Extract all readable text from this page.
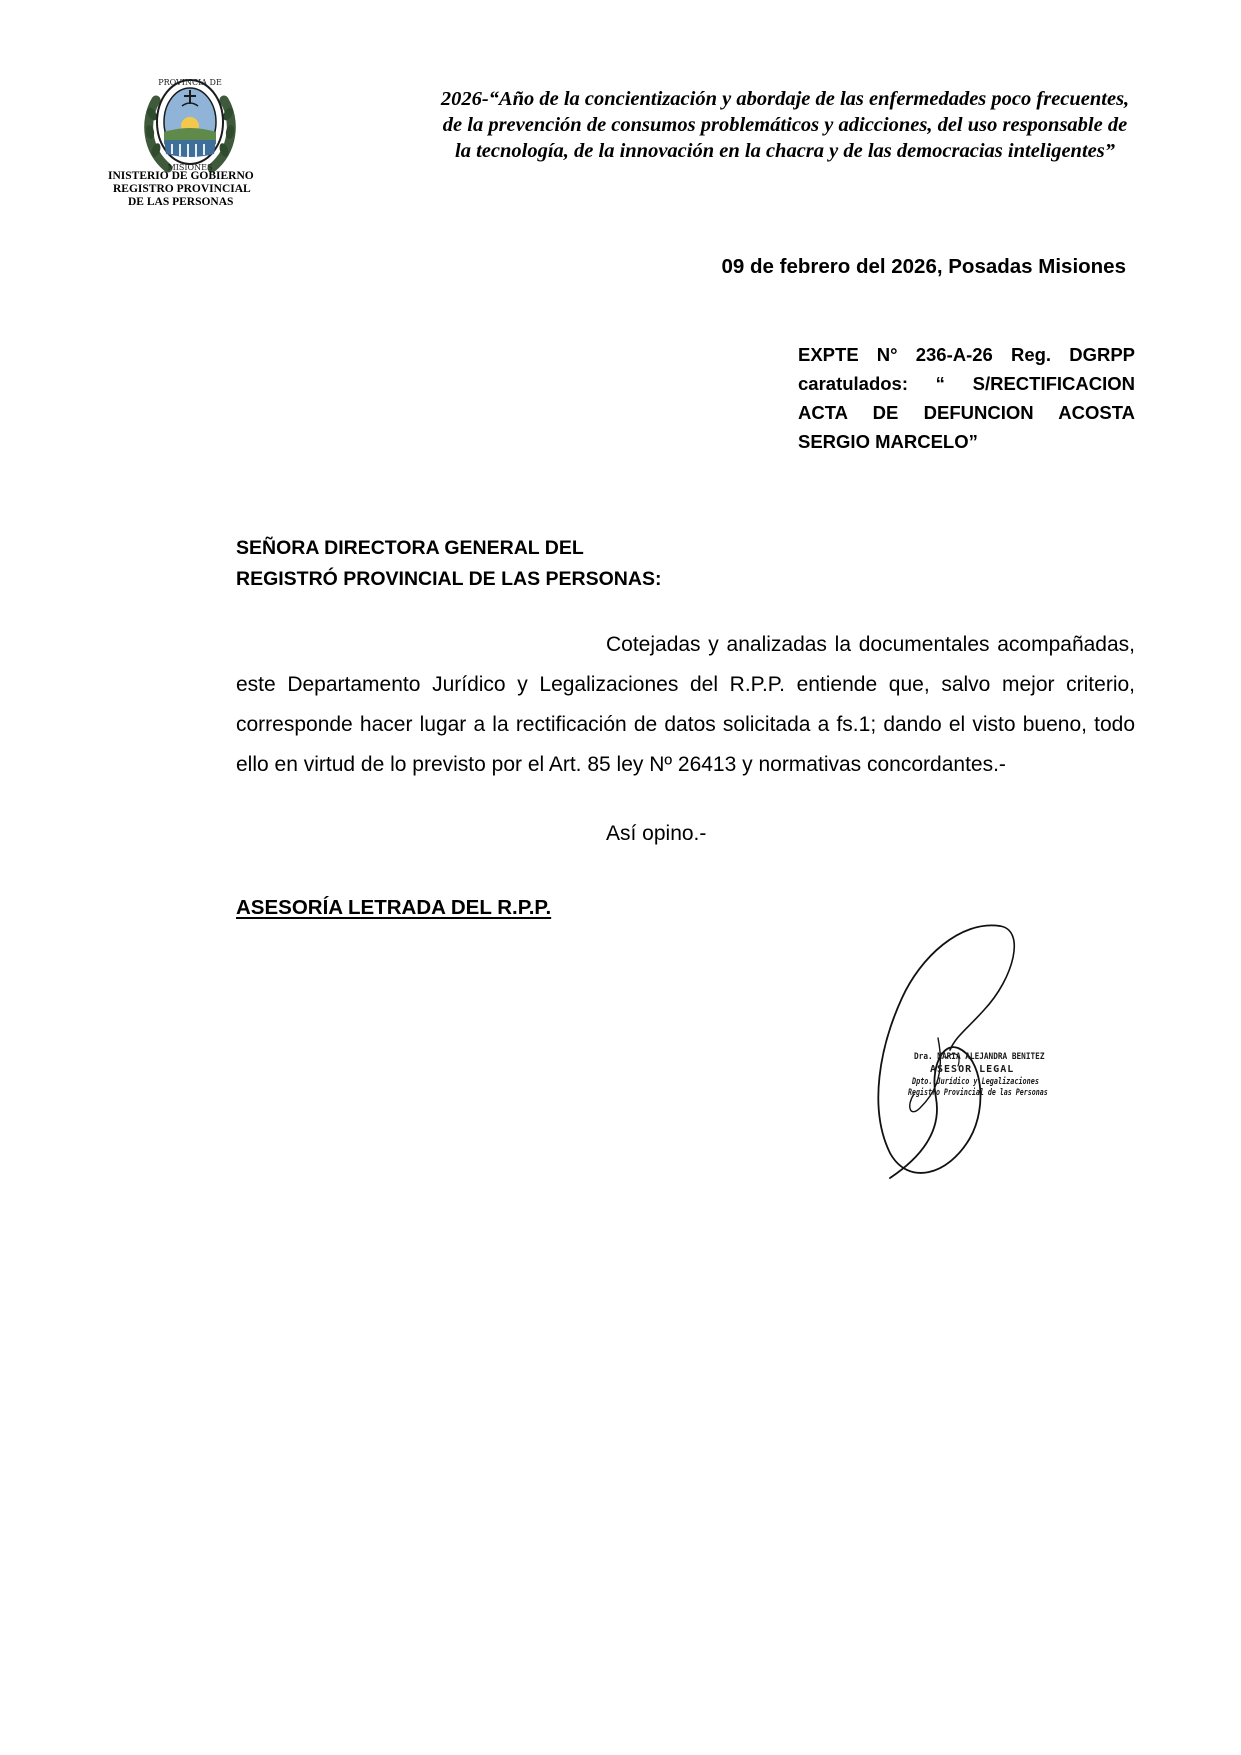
PROVINCIA DE
MISIONES
INISTERIO DE GOBIERNO
REGISTRO PROVINCIAL
DE LAS PERSONAS
2026-“Año de la concientización y abordaje de las enfermedades poco frecuentes,
de la prevención de consumos problemáticos y adicciones, del uso responsable de
la tecnología, de la innovación en la chacra y de las democracias inteligentes”
09 de febrero del 2026, Posadas Misiones
EXPTE N° 236-A-26 Reg. DGRPP caratulados: “ S/RECTIFICACION ACTA DE DEFUNCION ACOSTA SERGIO MARCELO”
SEÑORA DIRECTORA GENERAL DEL
REGISTRÓ PROVINCIAL DE LAS PERSONAS:

Cotejadas y analizadas la documentales acompañadas, este Departamento Jurídico y Legalizaciones del R.P.P. entiende que, salvo mejor criterio, corresponde hacer lugar a la rectificación de datos solicitada a fs.1; dando el visto bueno, todo ello en virtud de lo previsto por el Art. 85 ley Nº 26413 y normativas concordantes.-

Así opino.-
ASESORÍA LETRADA DEL R.P.P.
Dra. MARIA ALEJANDRA BENITEZ
ASESOR LEGAL
Dpto. Jurídico y Legalizaciones
Registro Provincial de las Personas
